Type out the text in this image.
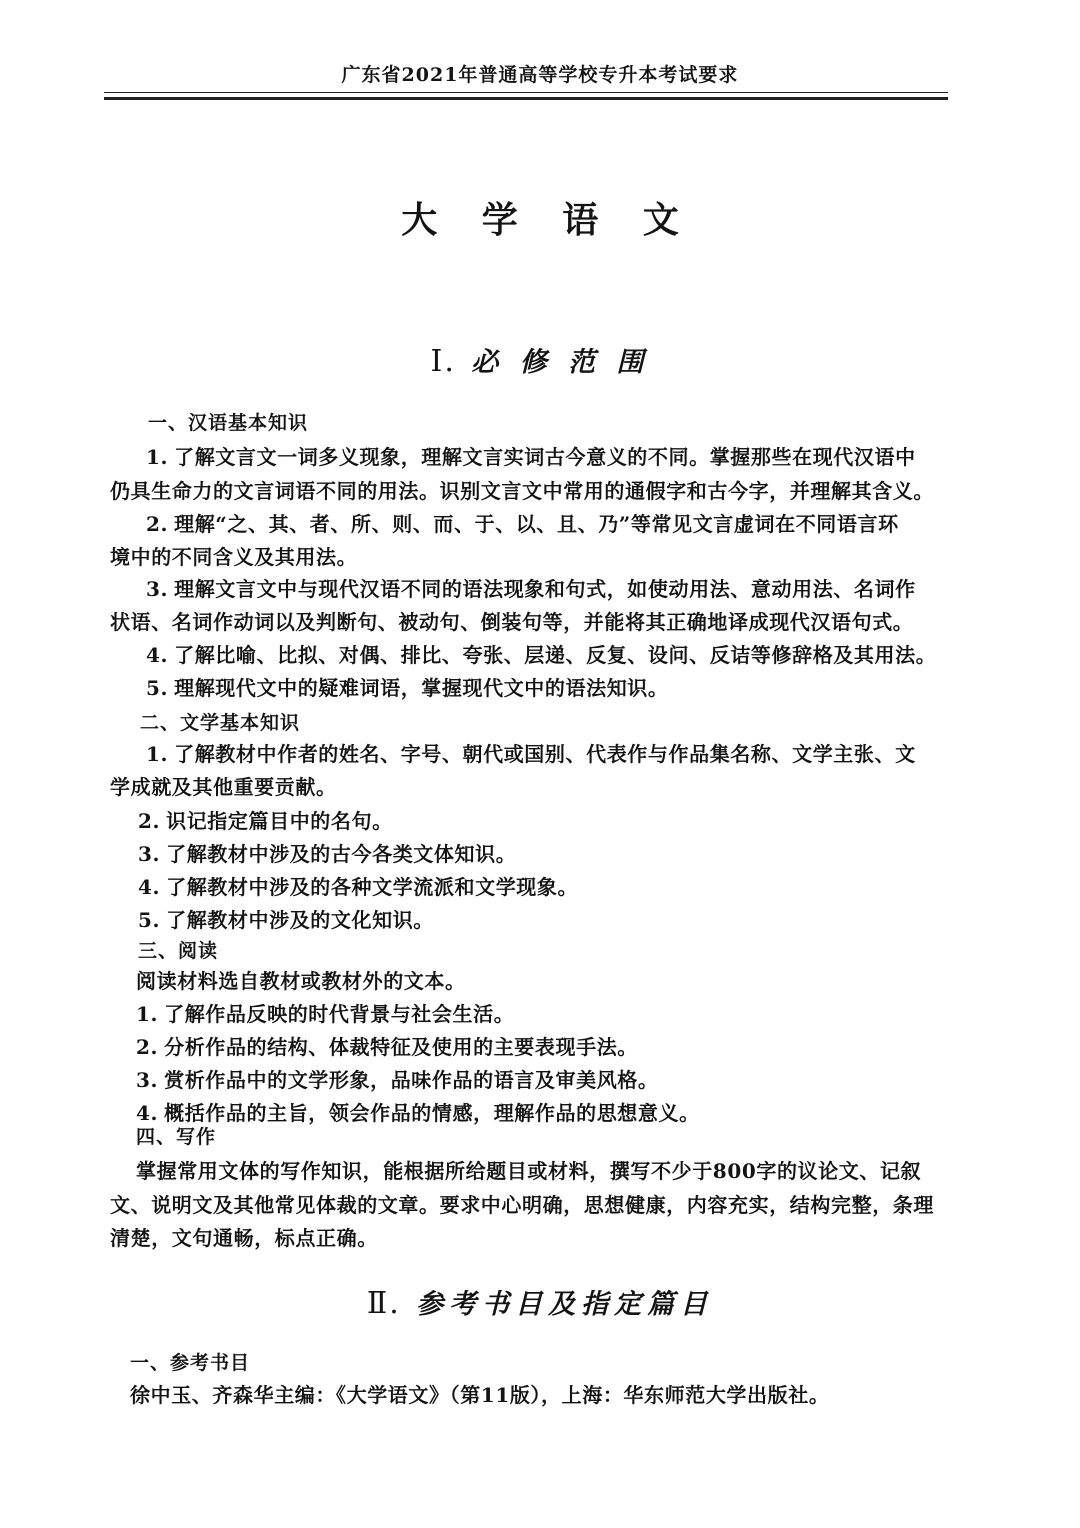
广东省2021年普通高等学校专升本考试要求
大 学 语 文
Ⅰ. 必 修 范 围
一、汉语基本知识
1. 了解文言文一词多义现象，理解文言实词古今意义的不同。掌握那些在现代汉语中
仍具生命力的文言词语不同的用法。识别文言文中常用的通假字和古今字，并理解其含义。
2. 理解“之、其、者、所、则、而、于、以、且、乃”等常见文言虚词在不同语言环
境中的不同含义及其用法。
3. 理解文言文中与现代汉语不同的语法现象和句式，如使动用法、意动用法、名词作
状语、名词作动词以及判断句、被动句、倒装句等，并能将其正确地译成现代汉语句式。
4. 了解比喻、比拟、对偶、排比、夸张、层递、反复、设问、反诘等修辞格及其用法。
5. 理解现代文中的疑难词语，掌握现代文中的语法知识。
二、文学基本知识
1. 了解教材中作者的姓名、字号、朝代或国别、代表作与作品集名称、文学主张、文
学成就及其他重要贡献。
2. 识记指定篇目中的名句。
3. 了解教材中涉及的古今各类文体知识。
4. 了解教材中涉及的各种文学流派和文学现象。
5. 了解教材中涉及的文化知识。
三、阅读
阅读材料选自教材或教材外的文本。
1. 了解作品反映的时代背景与社会生活。
2. 分析作品的结构、体裁特征及使用的主要表现手法。
3. 赏析作品中的文学形象，品味作品的语言及审美风格。
4. 概括作品的主旨，领会作品的情感，理解作品的思想意义。
四、写作
掌握常用文体的写作知识，能根据所给题目或材料，撰写不少于800字的议论文、记叙
文、说明文及其他常见体裁的文章。要求中心明确，思想健康，内容充实，结构完整，条理
清楚，文句通畅，标点正确。
Ⅱ. 参考书目及指定篇目
一、参考书目
徐中玉、齐森华主编：《大学语文》（第11版），上海：华东师范大学出版社。
